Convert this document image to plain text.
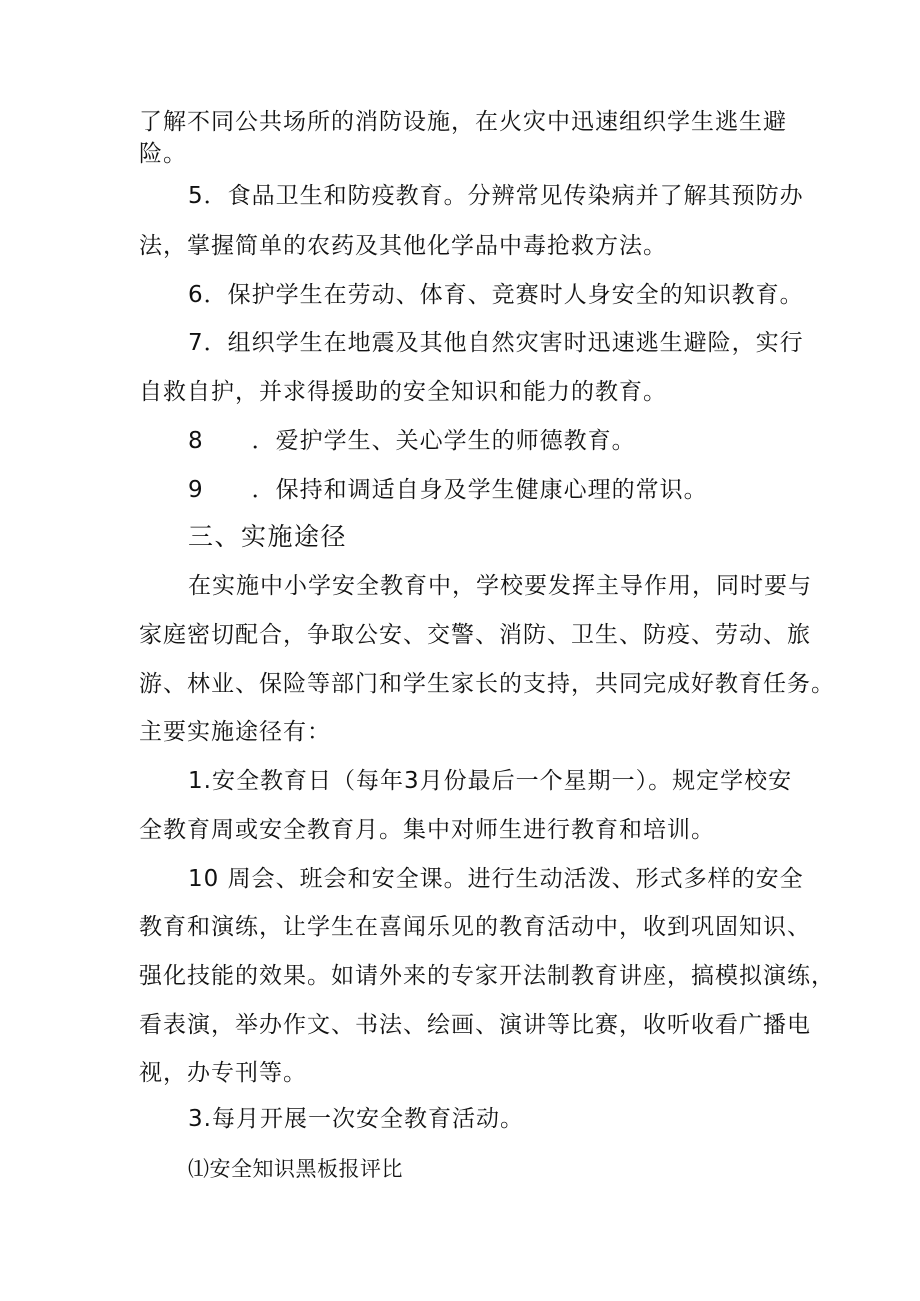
了解不同公共场所的消防设施，在火灾中迅速组织学生逃生避

险。

5．食品卫生和防疫教育。分辨常见传染病并了解其预防办

法，掌握简单的农药及其他化学品中毒抢救方法。

6．保护学生在劳动、体育、竞赛时人身安全的知识教育。

7．组织学生在地震及其他自然灾害时迅速逃生避险，实行

自救自护，并求得援助的安全知识和能力的教育。

8　　．爱护学生、关心学生的师德教育。

9　　．保持和调适自身及学生健康心理的常识。

三、实施途径

在实施中小学安全教育中，学校要发挥主导作用，同时要与

家庭密切配合，争取公安、交警、消防、卫生、防疫、劳动、旅

游、林业、保险等部门和学生家长的支持，共同完成好教育任务。

主要实施途径有：

1.安全教育日（每年3月份最后一个星期一）。规定学校安

全教育周或安全教育月。集中对师生进行教育和培训。

10 周会、班会和安全课。进行生动活泼、形式多样的安全

教育和演练，让学生在喜闻乐见的教育活动中，收到巩固知识、

强化技能的效果。如请外来的专家开法制教育讲座，搞模拟演练，

看表演，举办作文、书法、绘画、演讲等比赛，收听收看广播电

视，办专刊等。

3.每月开展一次安全教育活动。

⑴安全知识黑板报评比
